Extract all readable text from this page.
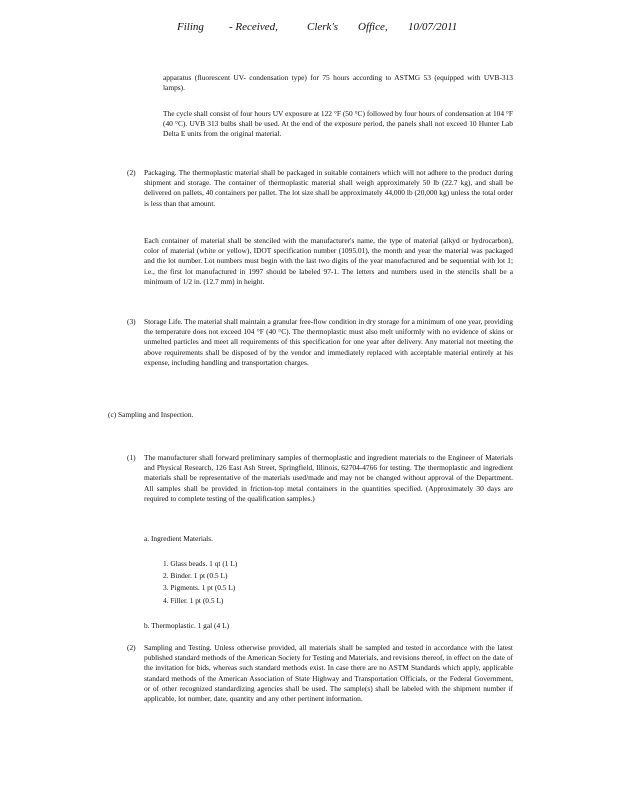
Filing - Received,	Clerk's Office, 10/07/2011

apparatus (fluorescent UV- condensation type) for 75 hours according to ASTMG 53 (equipped with UVB-313 lamps).

The cycle shall consist of four hours UV exposure at 122 °F (50 °C) followed by four hours of condensation at 104 °F (40 °C). UVB 313 bulbs shall be used. At the end of the exposure period, the panels shall not exceed 10 Hunter Lab Delta E units from the original material.

(2) Packaging. The thermoplastic material shall be packaged in suitable containers which will not adhere to the product during shipment and storage. The container of thermoplastic material shall weigh approximately 50 lb (22.7 kg), and shall be delivered on pallets, 40 containers per pallet. The lot size shall be approximately 44,000 lb (20,000 kg) unless the total order is less than that amount.

Each container of material shall be stenciled with the manufacturer's name, the type of material (alkyd or hydrocarbon), color of material (white or yellow), IDOT specification number (1095.01), the month and year the material was packaged and the lot number. Lot numbers must begin with the last two digits of the year manufactured and be sequential with lot 1; i.e., the first lot manufactured in 1997 should be labeled 97-1. The letters and numbers used in the stencils shall be a minimum of 1/2 in. (12.7 mm) in height.

(3) Storage Life. The material shall maintain a granular free-flow condition in dry storage for a minimum of one year, providing the temperature does not exceed 104 °F (40 °C). The thermoplastic must also melt uniformly with no evidence of skins or unmelted particles and meet all requirements of this specification for one year after delivery. Any material not meeting the above requirements shall be disposed of by the vendor and immediately replaced with acceptable material entirely at his expense, including handling and transportation charges.

(c) Sampling and Inspection.
(1) The manufacturer shall forward preliminary samples of thermoplastic and ingredient materials to the Engineer of Materials and Physical Research, 126 East Ash Street, Springfield, Illinois, 62704-4766 for testing. The thermoplastic and ingredient materials shall be representative of the materials used/made and may not be changed without approval of the Department. All samples shall be provided in friction-top metal containers in the quantities specified. (Approximately 30 days are required to complete testing of the qualification samples.)

a. Ingredient Materials.
1. Glass beads. 1 qt (1 L)
2. Binder. 1 pt (0.5 L)
3. Pigments. 1 pt (0.5 L)
4. Filler. 1 pt (0.5 L)
b. Thermoplastic. 1 gal (4 L)
(2) Sampling and Testing. Unless otherwise provided, all materials shall be sampled and tested in accordance with the latest published standard methods of the American Society for Testing and Materials, and revisions thereof, in effect on the date of the invitation for bids, whereas such standard methods exist. In case there are no ASTM Standards which apply, applicable standard methods of the American Association of State Highway and Transportation Officials, or the Federal Government, or of other recognized standardizing agencies shall be used. The sample(s) shall be labeled with the shipment number if applicable, lot number, date, quantity and any other pertinent information.
